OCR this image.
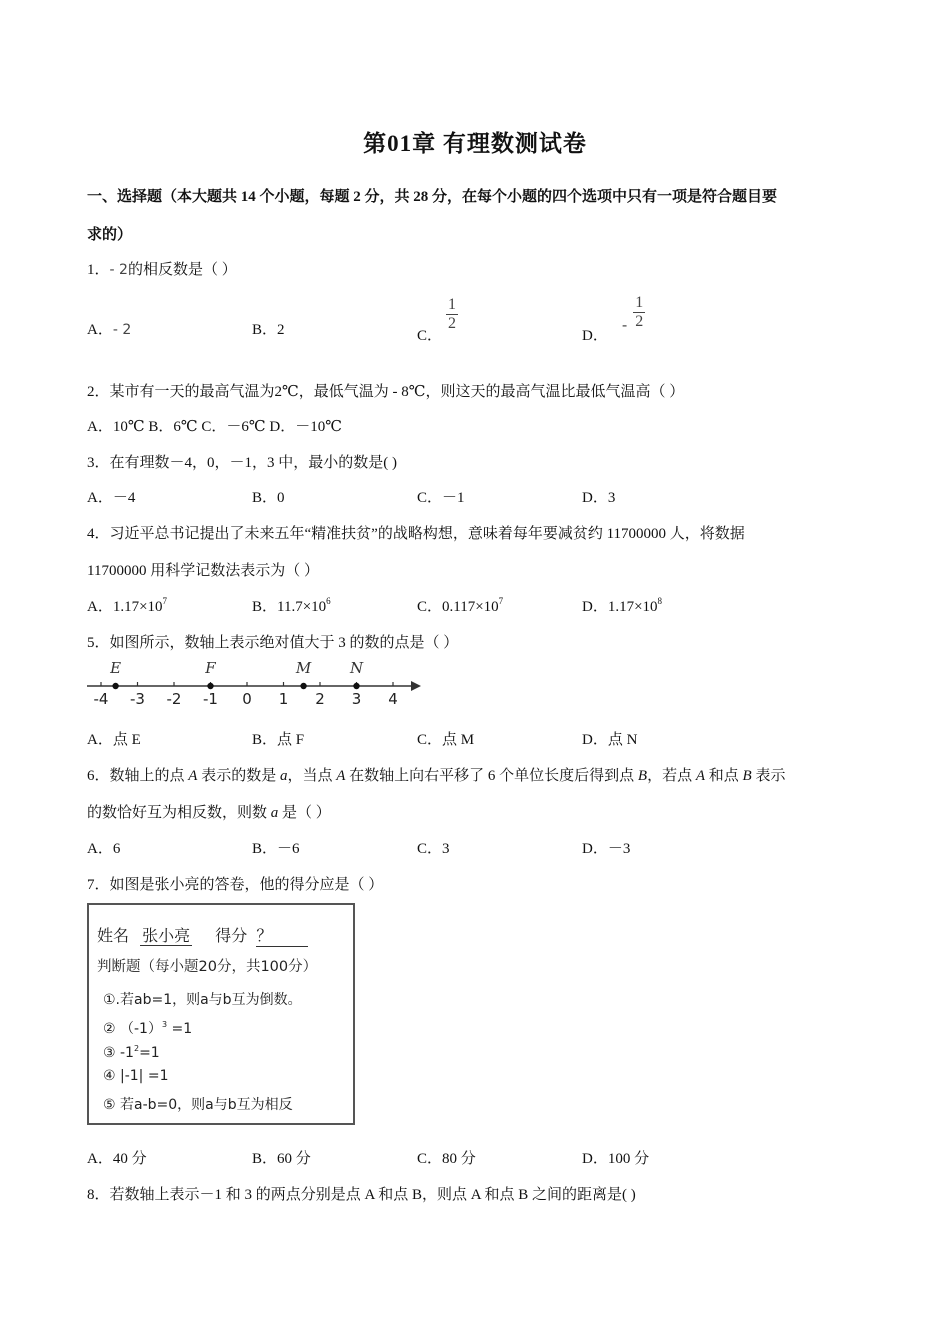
第01章 有理数测试卷
一、选择题（本大题共 14 个小题，每题 2 分，共 28 分，在每个小题的四个选项中只有一项是符合题目要
求的）
1．- 2的相反数是（ ）
A．- 2	B．2	C．
$\frac{1}{2}$
D．- $\frac{1}{2}$
2．某市有一天的最高气温为2℃，最低气温为 - 8℃，则这天的最高气温比最低气温高（ ）
A．10℃ B．6℃ C．－6℃ D．－10℃
3．在有理数－4，0，－1，3 中，最小的数是( )
A．－4	B．0	C．－1	D．3
4．习近平总书记提出了未来五年“精准扶贫”的战略构想，意味着每年要减贫约 11700000 人，将数据
11700000 用科学记数法表示为（ ）
A．$1.17\times 10^7$	B．$11.7\times 10^6$	C．$0.117\times 10^7$	D．$1.17\times 10^8$
5．如图所示，数轴上表示绝对值大于 3 的数的点是（ ）
-4 -3 -2 -1 0 1 2 3 4
E	F	M	N
A．点 E	B．点 F	C．点 M	D．点 N
6．数轴上的点 A 表示的数是 a，当点 A 在数轴上向右平移了 6 个单位长度后得到点 B，若点 A 和点 B 表示
的数恰好互为相反数，则数 a 是（ ）
A．6	B．－6	C．3	D．－3
7．如图是张小亮的答卷，他的得分应是（ ）
姓名 张小亮 得分 ？
判断题（每小题20分，共100分）
①.若ab=1，则a与b互为倒数。
② $(-1)^3 =1$
③ $-1^2=1$
④ |-1| =1
⑤ 若a-b=0，则a与b互为相反
A．40 分	B．60 分	C．80 分	D．100 分
8．若数轴上表示－1 和 3 的两点分别是点 A 和点 B，则点 A 和点 B 之间的距离是( )
